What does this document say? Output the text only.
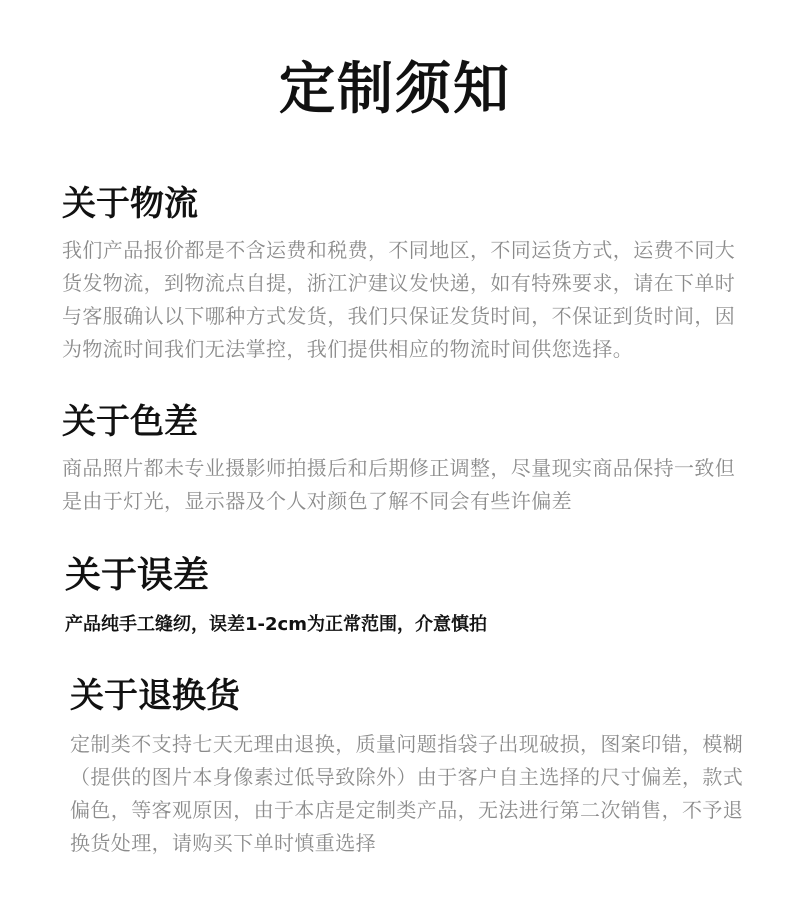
定制须知
关于物流

我们产品报价都是不含运费和税费，不同地区，不同运货方式，运费不同大货发物流，到物流点自提，浙江沪建议发快递，如有特殊要求，请在下单时与客服确认以下哪种方式发货，我们只保证发货时间，不保证到货时间，因为物流时间我们无法掌控，我们提供相应的物流时间供您选择。

关于色差

商品照片都未专业摄影师拍摄后和后期修正调整，尽量现实商品保持一致但是由于灯光，显示器及个人对颜色了解不同会有些许偏差

关于误差

产品纯手工缝纫，误差1-2cm为正常范围，介意慎拍

关于退换货

定制类不支持七天无理由退换，质量问题指袋子出现破损，图案印错，模糊（提供的图片本身像素过低导致除外）由于客户自主选择的尺寸偏差，款式偏色，等客观原因，由于本店是定制类产品，无法进行第二次销售，不予退换货处理，请购买下单时慎重选择
